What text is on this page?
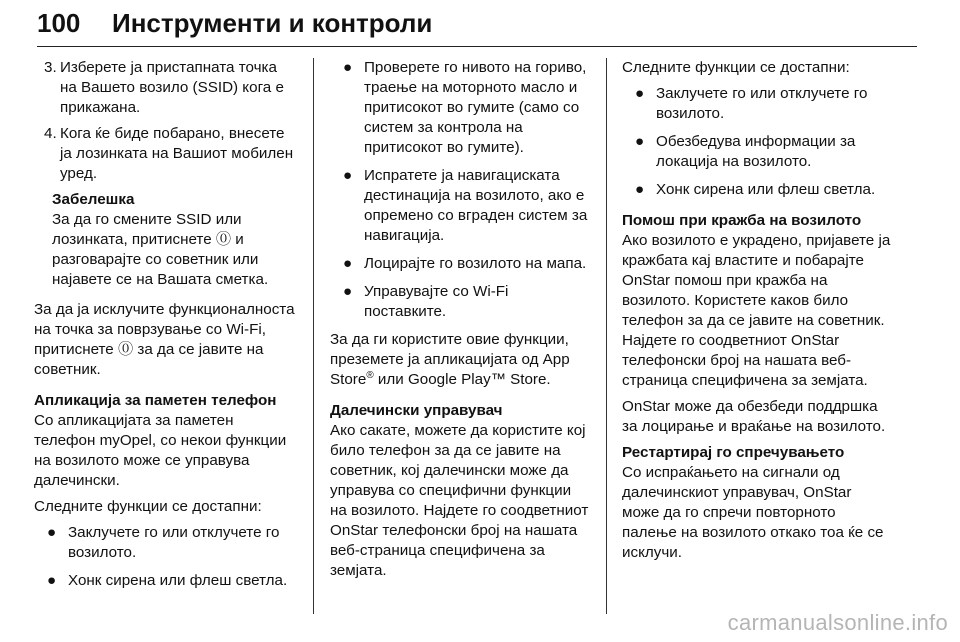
100 Инструменти и контроли
3. Изберете ја пристапната точка на Вашето возило (SSID) кога е прикажана.
4. Кога ќе биде побарано, внесете ја лозинката на Вашиот мобилен уред.

Забелешка

За да го смените SSID или лозинката, притиснете ⓪ и разговарајте со советник или најавете се на Вашата сметка.

За да ја исклучите функционалноста на точка за поврзување со Wi-Fi, притиснете ⓪ за да се јавите на советник.

Апликација за паметен телефон

Со апликацијата за паметен телефон myOpel, со некои функции на возилото може се управува далечински.

Следните функции се достапни:

● Заклучете го или отклучете го возилото.
● Хонк сирена или флеш светла.
● Проверете го нивото на гориво, траење на моторното масло и притисокот во гумите (само со систем за контрола на притисокот во гумите).
● Испратете ја навигациската дестинација на возилото, ако е опремено со вграден систем за навигација.
● Лоцирајте го возилото на мапа.
● Управувајте со Wi-Fi поставките.

За да ги користите овие функции, преземете ја апликацијата од App Store® или Google Play™ Store.

Далечински управувач

Ако сакате, можете да користите кој било телефон за да се јавите на советник, кој далечински може да управува со специфични функции на возилото. Најдете го соодветниот OnStar телефонски број на нашата веб-страница специфичена за земјата.

Следните функции се достапни:

● Заклучете го или отклучете го возилото.
● Обезбедува информации за локација на возилото.
● Хонк сирена или флеш светла.

Помош при кражба на возилото

Ако возилото е украдено, пријавете ја кражбата кај властите и побарајте OnStar помош при кражба на возилото. Користете каков било телефон за да се јавите на советник. Најдете го соодветниот OnStar телефонски број на нашата веб-страница специфичена за земјата.

OnStar може да обезбеди поддршка за лоцирање и враќање на возилото.

Рестартирај го спречувањето

Со испраќањето на сигнали од далечинскиот управувач, OnStar може да го спречи повторното палење на возилото откако тоа ќе се исклучи.

carmanualsonline.info
